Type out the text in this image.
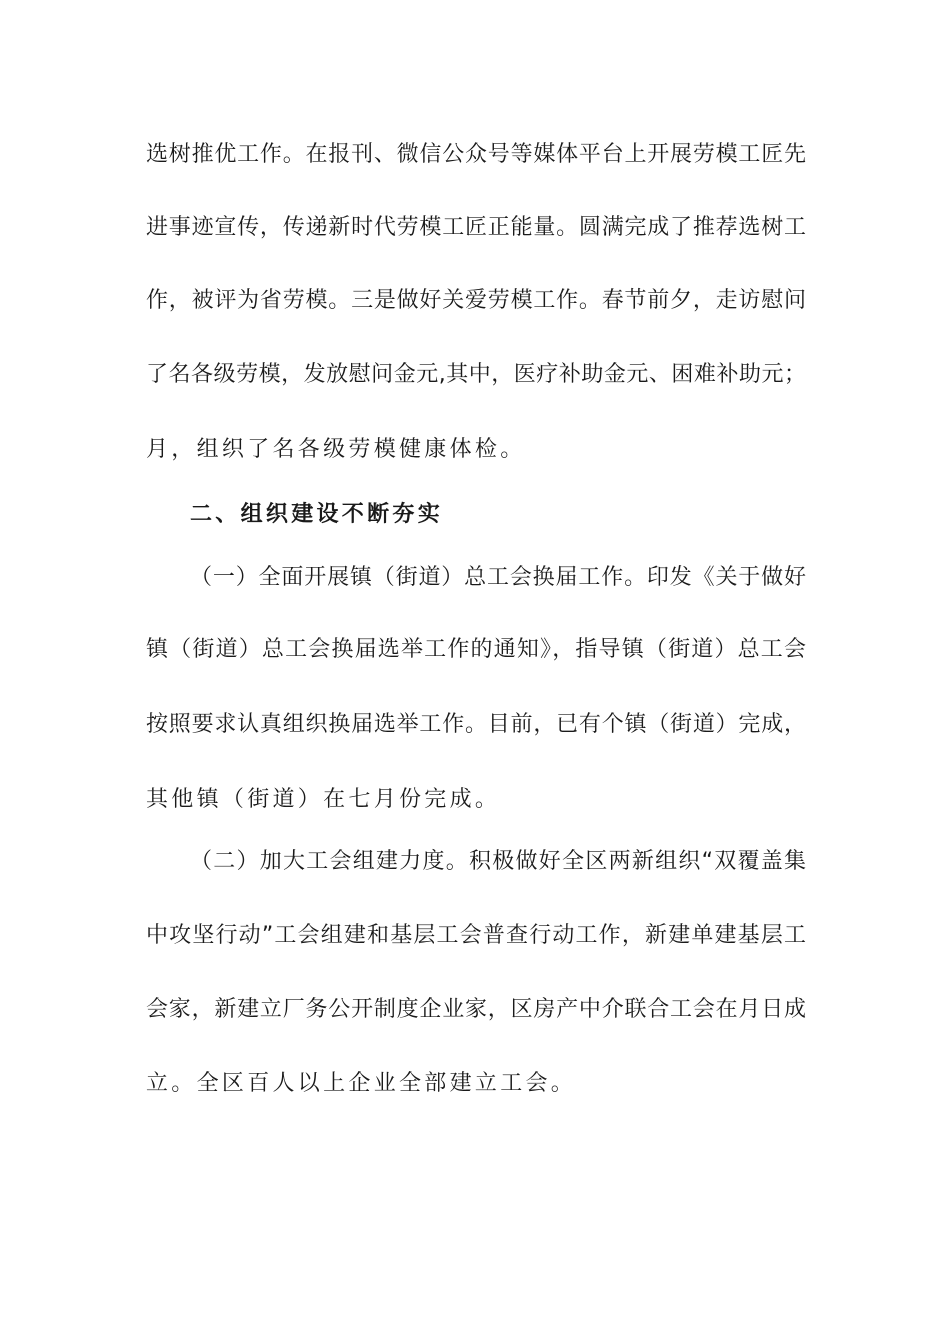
选树推优工作。在报刊、微信公众号等媒体平台上开展劳模工匠先
进事迹宣传，传递新时代劳模工匠正能量。圆满完成了推荐选树工
作，被评为省劳模。三是做好关爱劳模工作。春节前夕，走访慰问
了名各级劳模，发放慰问金元,其中，医疗补助金元、困难补助元；
月，组织了名各级劳模健康体检。
二、组织建设不断夯实
（一）全面开展镇（街道）总工会换届工作。印发《关于做好
镇（街道）总工会换届选举工作的通知》，指导镇（街道）总工会
按照要求认真组织换届选举工作。目前，已有个镇（街道）完成，
其他镇（街道）在七月份完成。
（二）加大工会组建力度。积极做好全区两新组织“双覆盖集
中攻坚行动”工会组建和基层工会普查行动工作，新建单建基层工
会家，新建立厂务公开制度企业家，区房产中介联合工会在月日成
立。全区百人以上企业全部建立工会。
